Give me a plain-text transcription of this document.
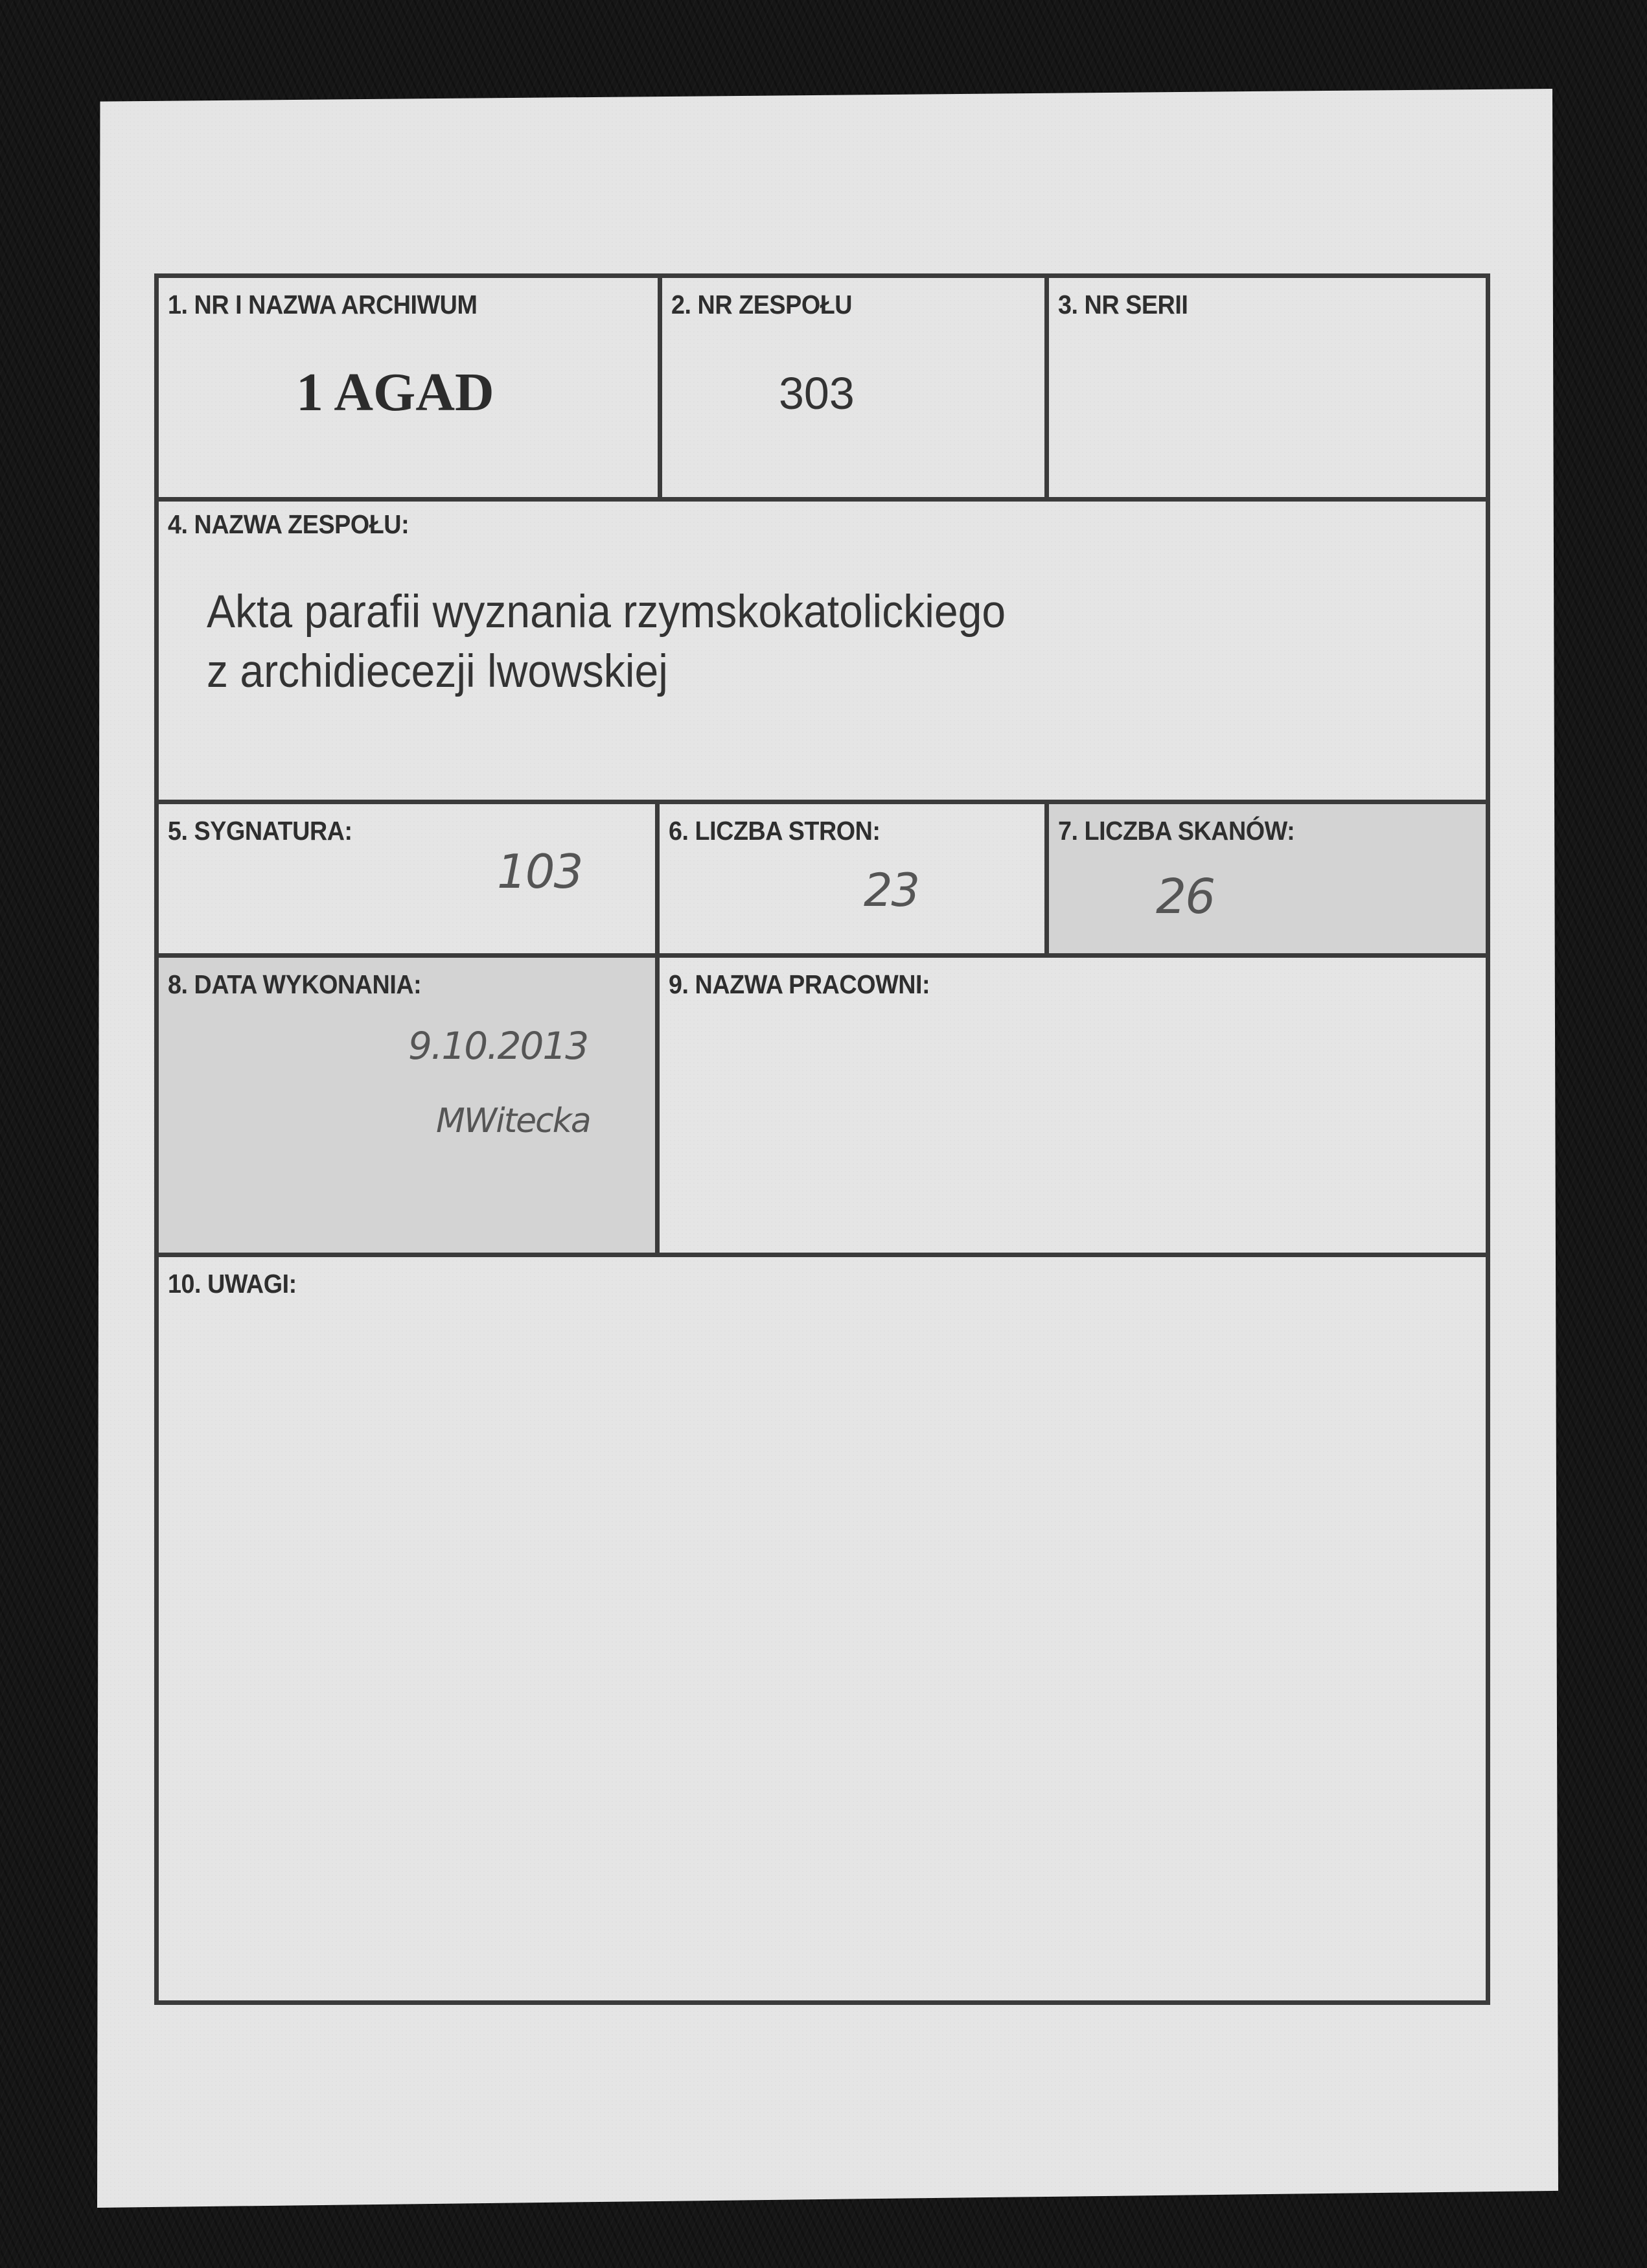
1. NR I NAZWA ARCHIWUM
1 AGAD
2. NR ZESPOŁU
303
3. NR SERII
4. NAZWA ZESPOŁU:
Akta parafii wyznania rzymskokatolickiego
z archidiecezji lwowskiej
5. SYGNATURA:
103
6. LICZBA STRON:
23
7. LICZBA SKANÓW:
26
8. DATA WYKONANIA:
9.10.2013
MWitecka
9. NAZWA PRACOWNI:
10. UWAGI:
